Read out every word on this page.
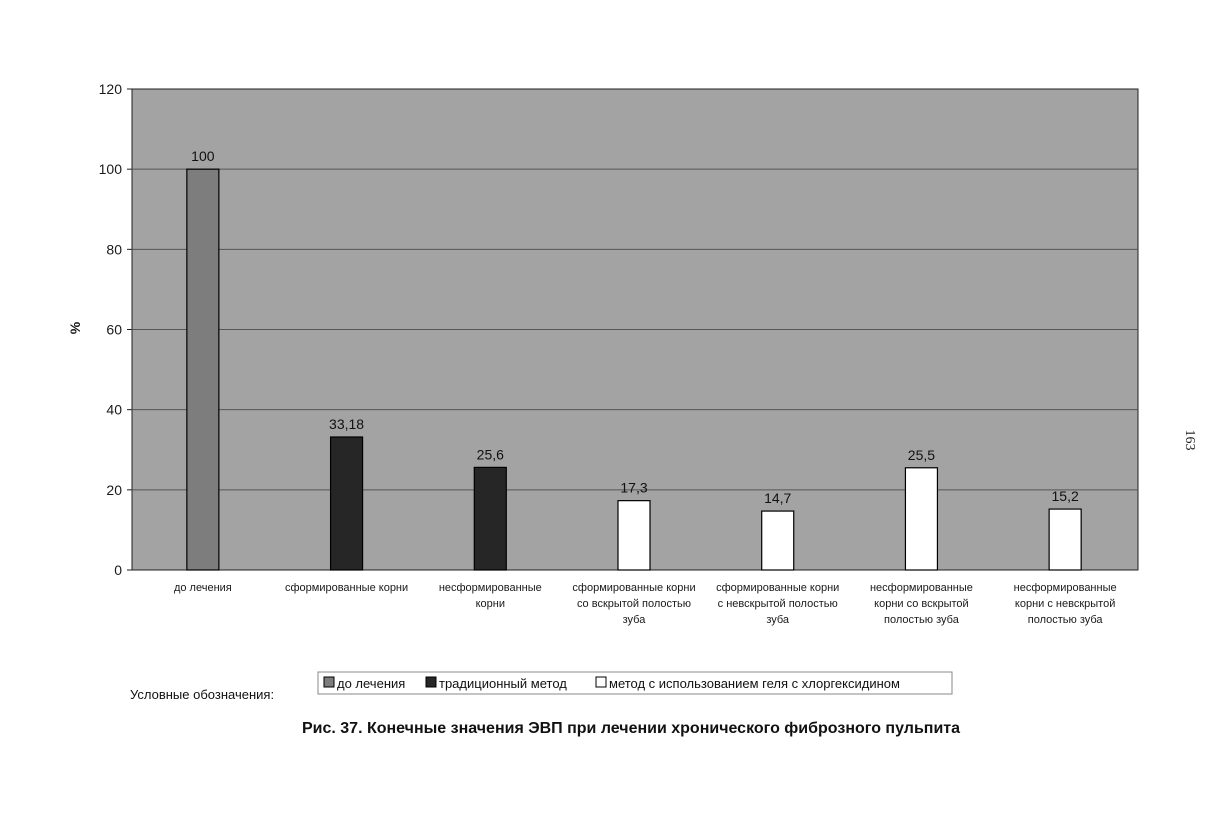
0
20
40
60
80
100
120
100
33,18
25,6
17,3
14,7
25,5
15,2
до лечения	сформированные корни	несформированные
корни
сформированные корни
со вскрытой полостью
зуба
сформированные корни
с невскрытой полостью
зуба
несформированные
корни со вскрытой
полостью зуба
несформированные
корни с невскрытой
полостью зуба
%
163
Условные обозначения:
до лечения	традиционный метод	метод с использованием геля с хлоргексидином
Рис. 37. Конечные значения ЭВП при лечении хронического фиброзного пульпита
